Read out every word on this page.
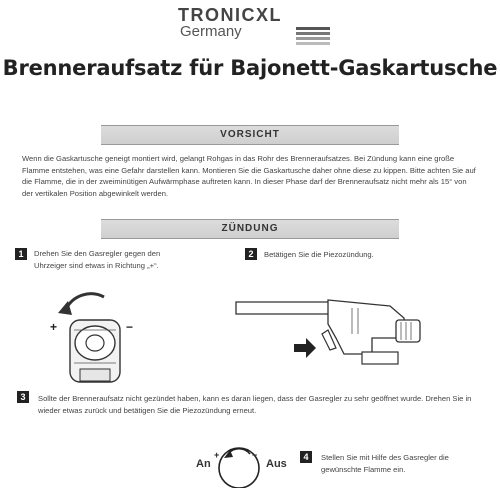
TRONICXL
Germany
Brenneraufsatz für Bajonett-Gaskartusche
VORSICHT
Wenn die Gaskartusche geneigt montiert wird, gelangt Rohgas in das Rohr des Brenneraufsatzes. Bei Zündung kann eine große Flamme entstehen, was eine Gefahr darstellen kann. Montieren Sie die Gaskartusche daher ohne diese zu kippen. Bitte achten Sie auf die Flamme, die in der zweiminütigen Aufwärmphase auftreten kann. In dieser Phase darf der Brenneraufsatz nicht mehr als 15° von der vertikalen Position abgewinkelt werden.
ZÜNDUNG
1	Drehen Sie den Gasregler gegen den Uhrzeiger sind etwas in Richtung „+“.
+	−
2	Betätigen Sie die Piezozündung.
3	Sollte der Brenneraufsatz nicht gezündet haben, kann es daran liegen, dass der Gasregler zu sehr geöffnet wurde. Drehen Sie in wieder etwas zurück und betätigen Sie die Piezozündung erneut.
+	−
An	Aus
4	Stellen Sie mit Hilfe des Gasregler die gewünschte Flamme ein.
